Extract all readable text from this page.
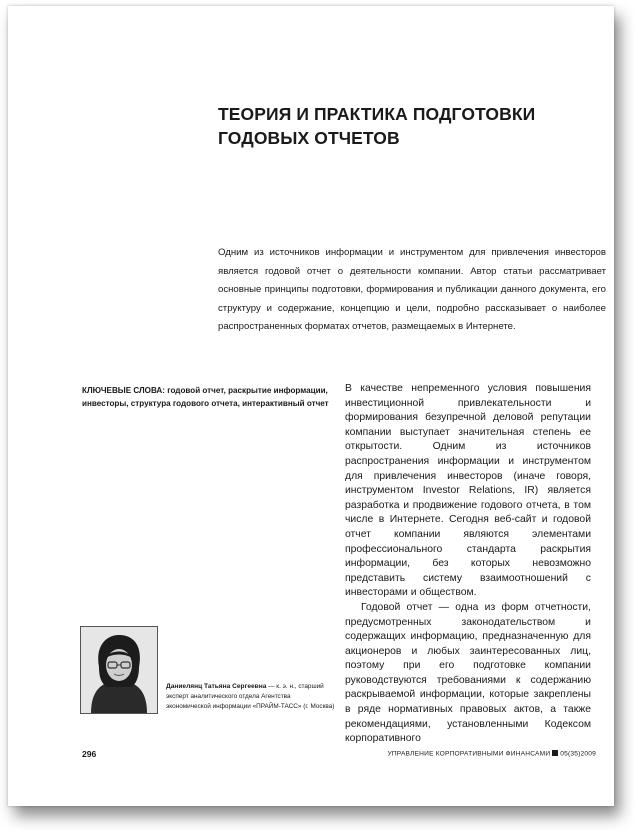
ТЕОРИЯ И ПРАКТИКА ПОДГОТОВКИ ГОДОВЫХ ОТЧЕТОВ
Одним из источников информации и инструментом для привлечения инвесторов является годовой отчет о деятельности компании. Автор статьи рассматривает основные принципы подготовки, формирования и публикации данного документа, его структуру и содержание, концепцию и цели, подробно рассказывает о наиболее распространенных форматах отчетов, размещаемых в Интернете.
КЛЮЧЕВЫЕ СЛОВА: годовой отчет, раскрытие информации, инвесторы, структура годового отчета, интерактивный отчет

В качестве непременного условия повышения инвестиционной привлекательности и формирования безупречной деловой репутации компании выступает значительная степень ее открытости. Одним из источников распространения информации и инструментом для привлечения инвесторов (иначе говоря, инструментом Investor Relations, IR) является разработка и продвижение годового отчета, в том числе в Интернете. Сегодня веб-сайт и годовой отчет компании являются элементами профессионального стандарта раскрытия информации, без которых невозможно представить систему взаимоотношений с инвесторами и обществом.

Годовой отчет — одна из форм отчетности, предусмотренных законодательством и содержащих информацию, предназначенную для акционеров и любых заинтересованных лиц, поэтому при его подготовке компании руководствуются требованиями к содержанию раскрываемой информации, которые закреплены в ряде нормативных правовых актов, а также рекомендациями, установленными Кодексом корпоративного

Даниелянц Татьяна Сергеевна — к. э. н., старший эксперт аналитического отдела Агентства экономической информации «ПРАЙМ-ТАСС» (г. Москва)
296	УПРАВЛЕНИЕ КОРПОРАТИВНЫМИ ФИНАНСАМИ 05(35)2009
